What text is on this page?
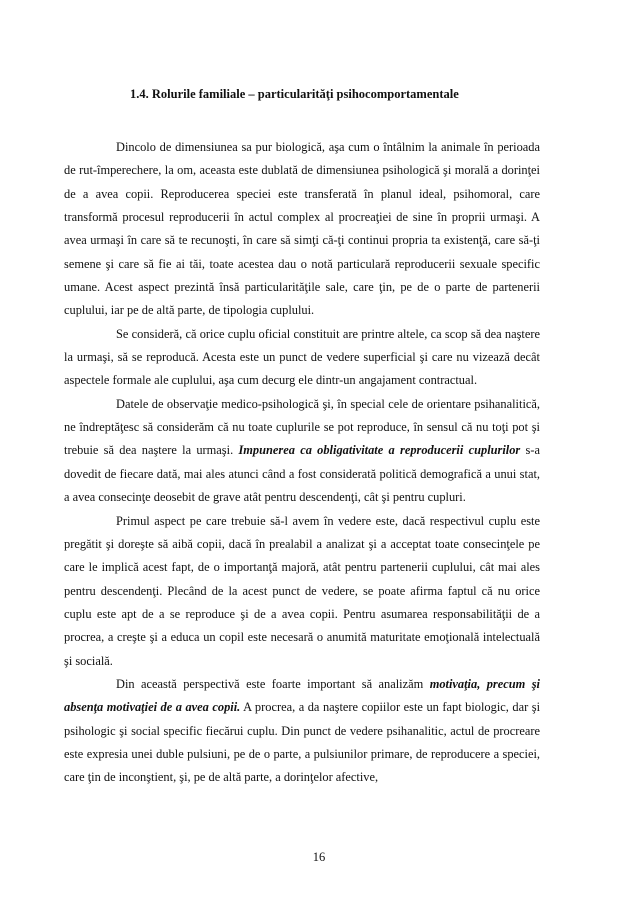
1.4. Rolurile familiale – particularităţi psihocomportamentale

Dincolo de dimensiunea sa pur biologică, aşa cum o întâlnim la animale în perioada de rut-împerechere, la om, aceasta este dublată de dimensiunea psihologică şi morală a dorinţei de a avea copii. Reproducerea speciei este transferată în planul ideal, psihomoral, care transformă procesul reproducerii în actul complex al procreaţiei de sine în proprii urmaşi. A avea urmaşi în care să te recunoşti, în care să simţi că-ţi continui propria ta existenţă, care să-ţi semene şi care să fie ai tăi, toate acestea dau o notă particulară reproducerii sexuale specific umane. Acest aspect prezintă însă particularităţile sale, care ţin, pe de o parte de partenerii cuplului, iar pe de altă parte, de tipologia cuplului.

Se consideră, că orice cuplu oficial constituit are printre altele, ca scop să dea naştere la urmaşi, să se reproducă. Acesta este un punct de vedere superficial şi care nu vizează decât aspectele formale ale cuplului, aşa cum decurg ele dintr-un angajament contractual.

Datele de observaţie medico-psihologică şi, în special cele de orientare psihanalitică, ne îndreptăţesc să considerăm că nu toate cuplurile se pot reproduce, în sensul că nu toţi pot şi trebuie să dea naştere la urmaşi. Impunerea ca obligativitate a reproducerii cuplurilor s-a dovedit de fiecare dată, mai ales atunci când a fost considerată politică demografică a unui stat, a avea consecinţe deosebit de grave atât pentru descendenţi, cât şi pentru cupluri.

Primul aspect pe care trebuie să-l avem în vedere este, dacă respectivul cuplu este pregătit şi doreşte să aibă copii, dacă în prealabil a analizat şi a acceptat toate consecinţele pe care le implică acest fapt, de o importanţă majoră, atât pentru partenerii cuplului, cât mai ales pentru descendenţi. Plecând de la acest punct de vedere, se poate afirma faptul că nu orice cuplu este apt de a se reproduce şi de a avea copii. Pentru asumarea responsabilităţii de a procrea, a creşte şi a educa un copil este necesară o anumită maturitate emoţională intelectuală şi socială.

Din această perspectivă este foarte important să analizăm motivaţia, precum şi absenţa motivaţiei de a avea copii. A procrea, a da naştere copiilor este un fapt biologic, dar şi psihologic şi social specific fiecărui cuplu. Din punct de vedere psihanalitic, actul de procreare este expresia unei duble pulsiuni, pe de o parte, a pulsiunilor primare, de reproducere a speciei, care ţin de inconştient, şi, pe de altă parte, a dorinţelor afective,

16
